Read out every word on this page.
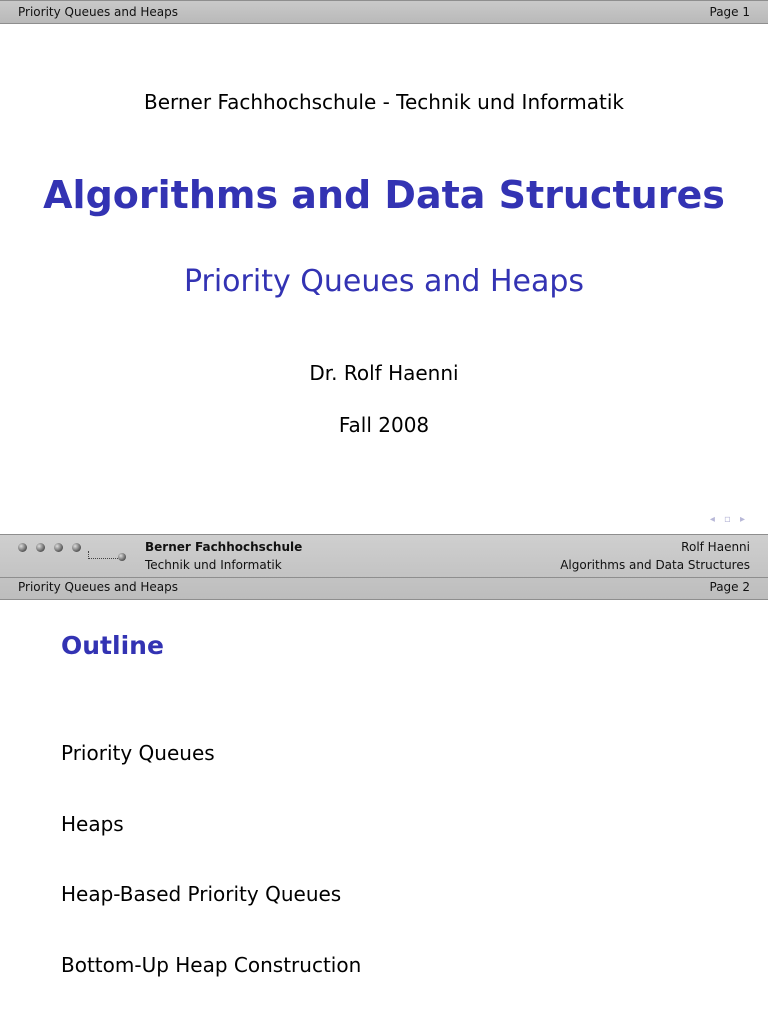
Priority Queues and Heaps	Page 1
Berner Fachhochschule - Technik und Informatik
Algorithms and Data Structures
Priority Queues and Heaps
Dr. Rolf Haenni
Fall 2008
◂ ▫ ▸
Berner Fachhochschule
Technik und Informatik
Rolf Haenni
Algorithms and Data Structures
Priority Queues and Heaps	Page 2
Outline
Priority Queues
Heaps
Heap-Based Priority Queues
Bottom-Up Heap Construction
